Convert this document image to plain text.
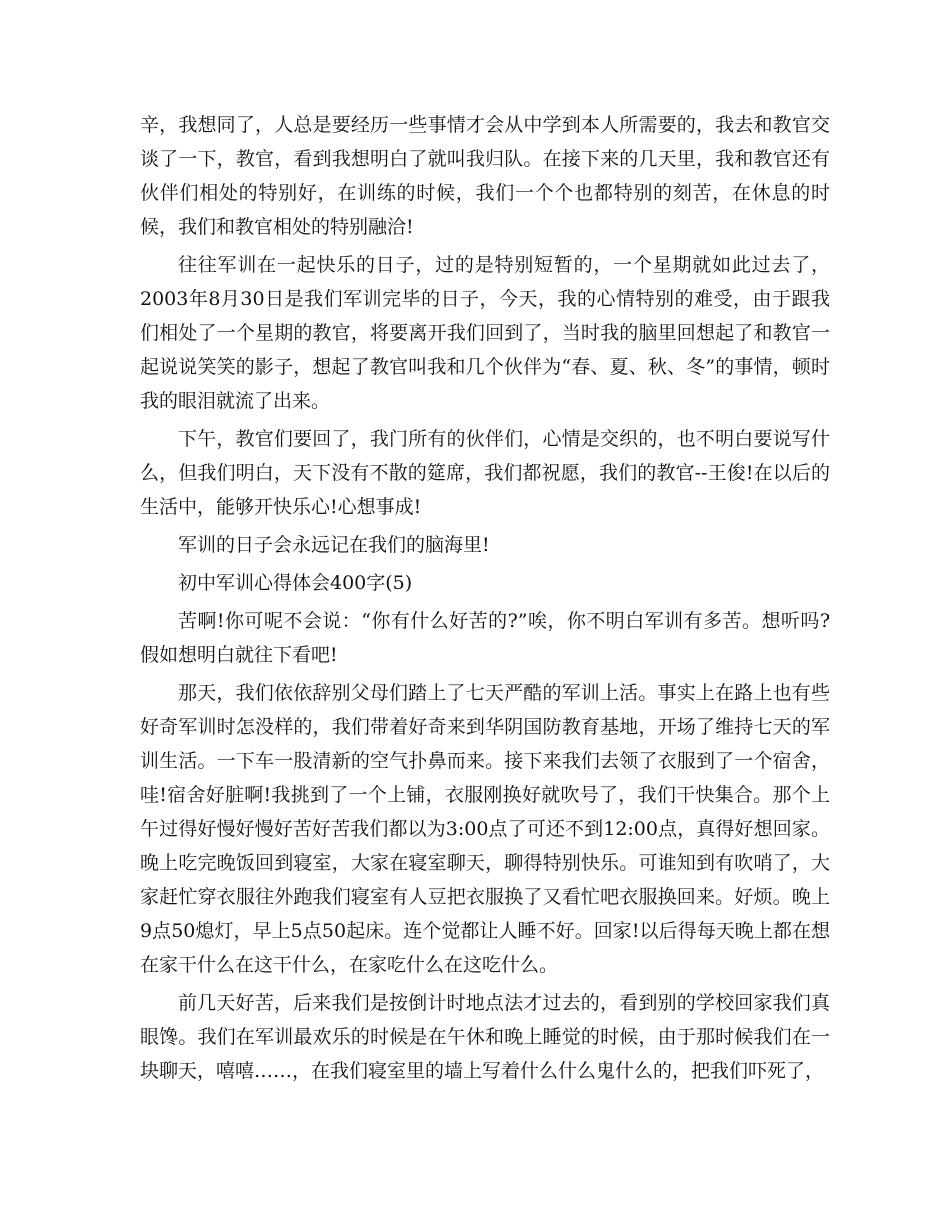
辛，我想同了，人总是要经历一些事情才会从中学到本人所需要的，我去和教官交谈了一下，教官，看到我想明白了就叫我归队。在接下来的几天里，我和教官还有伙伴们相处的特别好，在训练的时候，我们一个个也都特别的刻苦，在休息的时候，我们和教官相处的特别融洽!

往往军训在一起快乐的日子，过的是特别短暂的，一个星期就如此过去了，2003年8月30日是我们军训完毕的日子，今天，我的心情特别的难受，由于跟我们相处了一个星期的教官，将要离开我们回到了，当时我的脑里回想起了和教官一起说说笑笑的影子，想起了教官叫我和几个伙伴为“春、夏、秋、冬”的事情，顿时我的眼泪就流了出来。

下午，教官们要回了，我门所有的伙伴们，心情是交织的，也不明白要说写什么，但我们明白，天下没有不散的筵席，我们都祝愿，我们的教官--王俊!在以后的生活中，能够开快乐心!心想事成!

军训的日子会永远记在我们的脑海里!

初中军训心得体会400字(5)

苦啊!你可呢不会说：“你有什么好苦的?”唉，你不明白军训有多苦。想听吗?假如想明白就往下看吧!

那天，我们依依辞别父母们踏上了七天严酷的军训上活。事实上在路上也有些好奇军训时怎没样的，我们带着好奇来到华阴国防教育基地，开场了维持七天的军训生活。一下车一股清新的空气扑鼻而来。接下来我们去领了衣服到了一个宿舍，哇!宿舍好脏啊!我挑到了一个上铺，衣服刚换好就吹号了，我们干快集合。那个上午过得好慢好慢好苦好苦我们都以为3:00点了可还不到12:00点，真得好想回家。晚上吃完晚饭回到寝室，大家在寝室聊天，聊得特别快乐。可谁知到有吹哨了，大家赶忙穿衣服往外跑我们寝室有人豆把衣服换了又看忙吧衣服换回来。好烦。晚上9点50熄灯，早上5点50起床。连个觉都让人睡不好。回家!以后得每天晚上都在想在家干什么在这干什么，在家吃什么在这吃什么。

前几天好苦，后来我们是按倒计时地点法才过去的，看到别的学校回家我们真眼馋。我们在军训最欢乐的时候是在午休和晚上睡觉的时候，由于那时候我们在一块聊天，嘻嘻……，在我们寝室里的墙上写着什么什么鬼什么的，把我们吓死了，
